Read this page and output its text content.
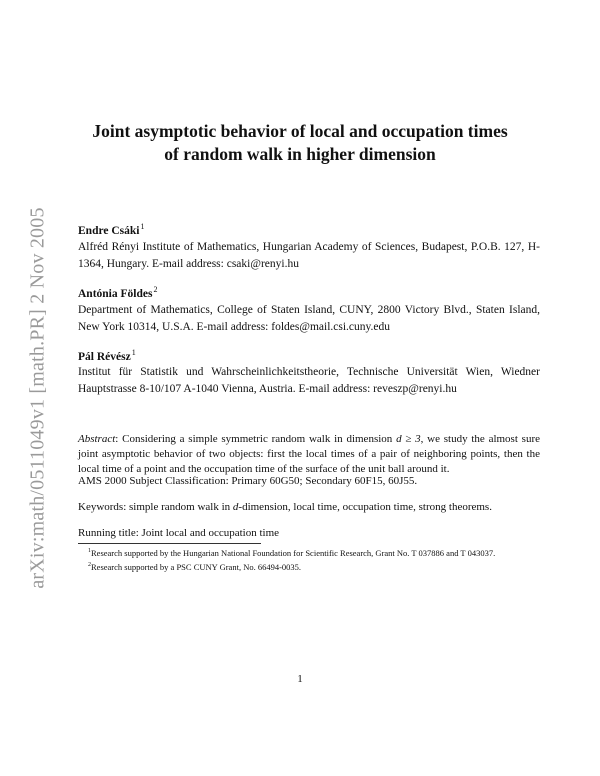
arXiv:math/0511049v1 [math.PR] 2 Nov 2005
Joint asymptotic behavior of local and occupation times
of random walk in higher dimension
Endre Csáki$^1$
Alfréd Rényi Institute of Mathematics, Hungarian Academy of Sciences, Budapest, P.O.B. 127, H-1364, Hungary. E-mail address: csaki@renyi.hu
Antónia Földes$^2$
Department of Mathematics, College of Staten Island, CUNY, 2800 Victory Blvd., Staten Island, New York 10314, U.S.A. E-mail address: foldes@mail.csi.cuny.edu
Pál Révész$^1$
Institut für Statistik und Wahrscheinlichkeitstheorie, Technische Universität Wien, Wiedner Hauptstrasse 8-10/107 A-1040 Vienna, Austria. E-mail address: reveszp@renyi.hu
Abstract: Considering a simple symmetric random walk in dimension d ≥ 3, we study the almost sure joint asymptotic behavior of two objects: first the local times of a pair of neighboring points, then the local time of a point and the occupation time of the surface of the unit ball around it.
AMS 2000 Subject Classification: Primary 60G50; Secondary 60F15, 60J55.
Keywords: simple random walk in d-dimension, local time, occupation time, strong theorems.
Running title: Joint local and occupation time
$^1$Research supported by the Hungarian National Foundation for Scientific Research, Grant No. T 037886 and T 043037.
$^2$Research supported by a PSC CUNY Grant, No. 66494-0035.
1
